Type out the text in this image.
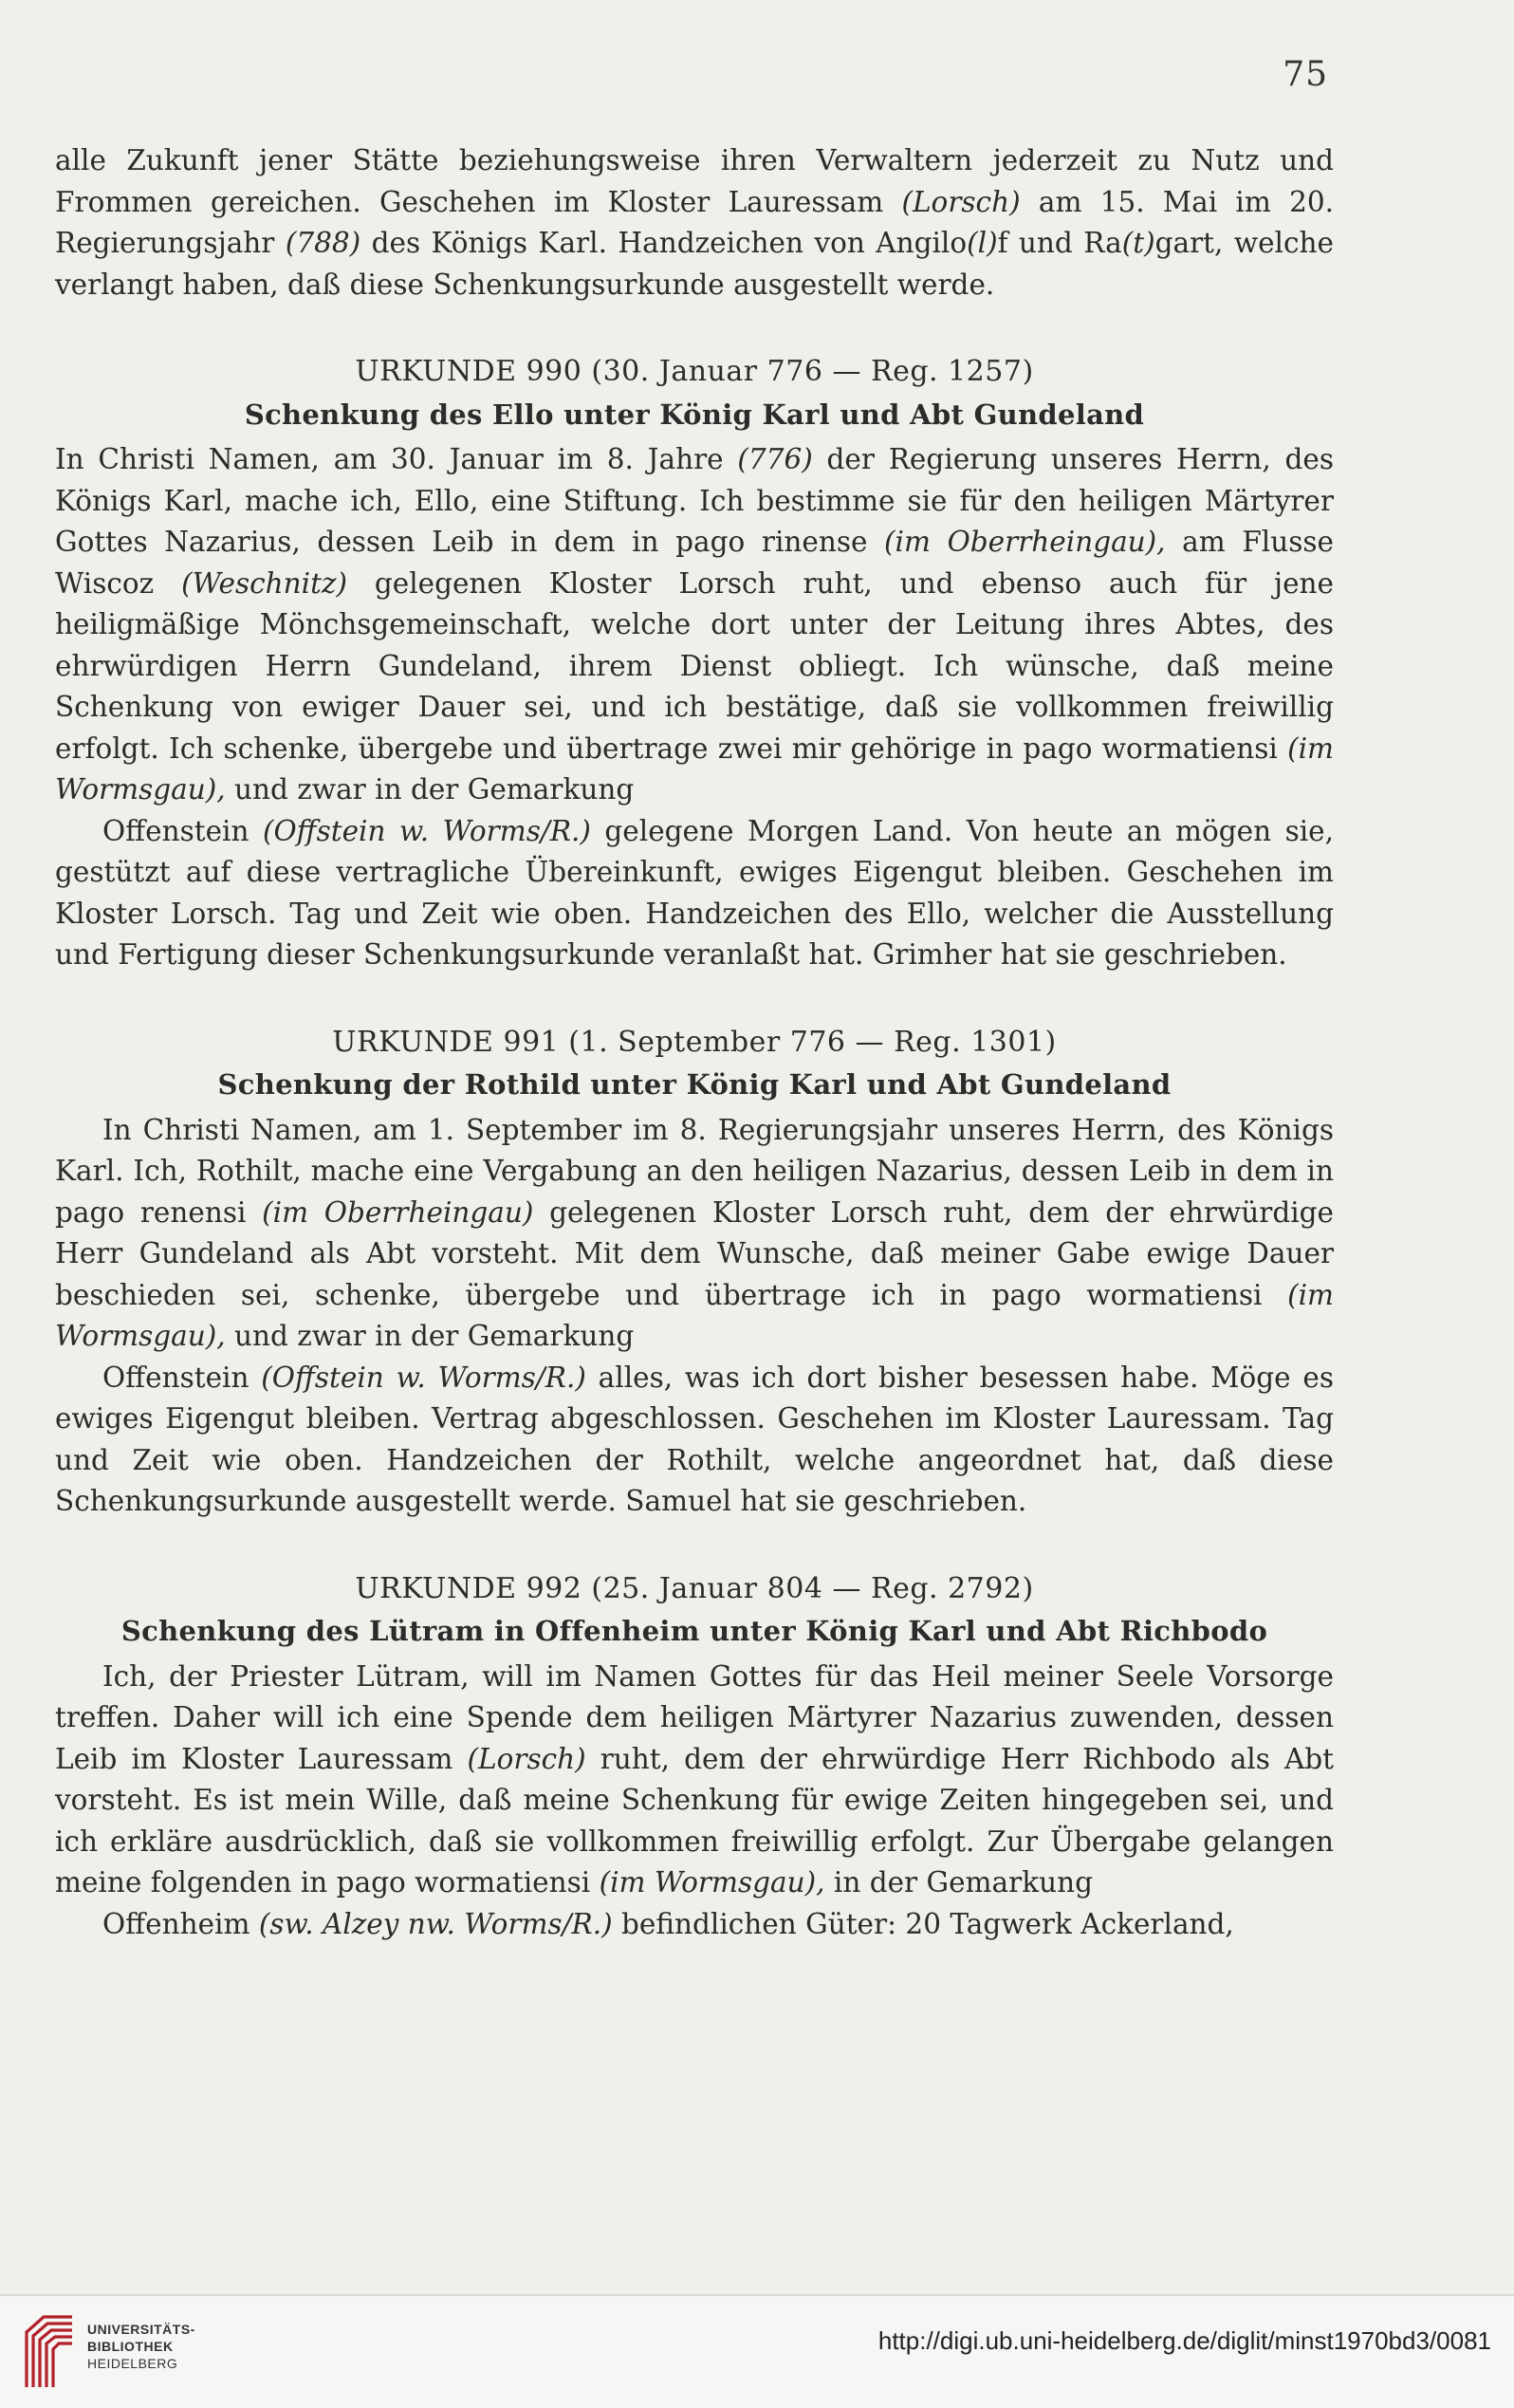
75

alle Zukunft jener Stätte beziehungsweise ihren Verwaltern jederzeit zu Nutz und Frommen gereichen. Geschehen im Kloster Lauressam (Lorsch) am 15. Mai im 20. Regierungsjahr (788) des Königs Karl. Handzeichen von Angilo(l)f und Ra(t)gart, welche verlangt haben, daß diese Schenkungsurkunde ausgestellt werde.

URKUNDE 990 (30. Januar 776 — Reg. 1257)
Schenkung des Ello unter König Karl und Abt Gundeland

In Christi Namen, am 30. Januar im 8. Jahre (776) der Regierung unseres Herrn, des Königs Karl, mache ich, Ello, eine Stiftung. Ich bestimme sie für den heiligen Märtyrer Gottes Nazarius, dessen Leib in dem in pago rinense (im Oberrheingau), am Flusse Wiscoz (Weschnitz) gelegenen Kloster Lorsch ruht, und ebenso auch für jene heiligmäßige Mönchsgemeinschaft, welche dort unter der Leitung ihres Abtes, des ehrwürdigen Herrn Gundeland, ihrem Dienst obliegt. Ich wünsche, daß meine Schenkung von ewiger Dauer sei, und ich bestätige, daß sie vollkommen freiwillig erfolgt. Ich schenke, übergebe und übertrage zwei mir gehörige in pago wormatiensi (im Wormsgau), und zwar in der Gemarkung

Offenstein (Offstein w. Worms/R.) gelegene Morgen Land. Von heute an mögen sie, gestützt auf diese vertragliche Übereinkunft, ewiges Eigengut bleiben. Geschehen im Kloster Lorsch. Tag und Zeit wie oben. Handzeichen des Ello, welcher die Ausstellung und Fertigung dieser Schenkungsurkunde veranlaßt hat. Grimher hat sie geschrieben.

URKUNDE 991 (1. September 776 — Reg. 1301)
Schenkung der Rothild unter König Karl und Abt Gundeland

In Christi Namen, am 1. September im 8. Regierungsjahr unseres Herrn, des Königs Karl. Ich, Rothilt, mache eine Vergabung an den heiligen Nazarius, dessen Leib in dem in pago renensi (im Oberrheingau) gelegenen Kloster Lorsch ruht, dem der ehrwürdige Herr Gundeland als Abt vorsteht. Mit dem Wunsche, daß meiner Gabe ewige Dauer beschieden sei, schenke, übergebe und übertrage ich in pago wormatiensi (im Wormsgau), und zwar in der Gemarkung

Offenstein (Offstein w. Worms/R.) alles, was ich dort bisher besessen habe. Möge es ewiges Eigengut bleiben. Vertrag abgeschlossen. Geschehen im Kloster Lauressam. Tag und Zeit wie oben. Handzeichen der Rothilt, welche angeordnet hat, daß diese Schenkungsurkunde ausgestellt werde. Samuel hat sie geschrieben.

URKUNDE 992 (25. Januar 804 — Reg. 2792)
Schenkung des Lütram in Offenheim unter König Karl und Abt Richbodo

Ich, der Priester Lütram, will im Namen Gottes für das Heil meiner Seele Vorsorge treffen. Daher will ich eine Spende dem heiligen Märtyrer Nazarius zuwenden, dessen Leib im Kloster Lauressam (Lorsch) ruht, dem der ehrwürdige Herr Richbodo als Abt vorsteht. Es ist mein Wille, daß meine Schenkung für ewige Zeiten hingegeben sei, und ich erkläre ausdrücklich, daß sie vollkommen freiwillig erfolgt. Zur Übergabe gelangen meine folgenden in pago wormatiensi (im Wormsgau), in der Gemarkung

Offenheim (sw. Alzey nw. Worms/R.) befindlichen Güter: 20 Tagwerk Ackerland,

UNIVERSITÄTS-
BIBLIOTHEK
HEIDELBERG
http://digi.ub.uni-heidelberg.de/diglit/minst1970bd3/0081
